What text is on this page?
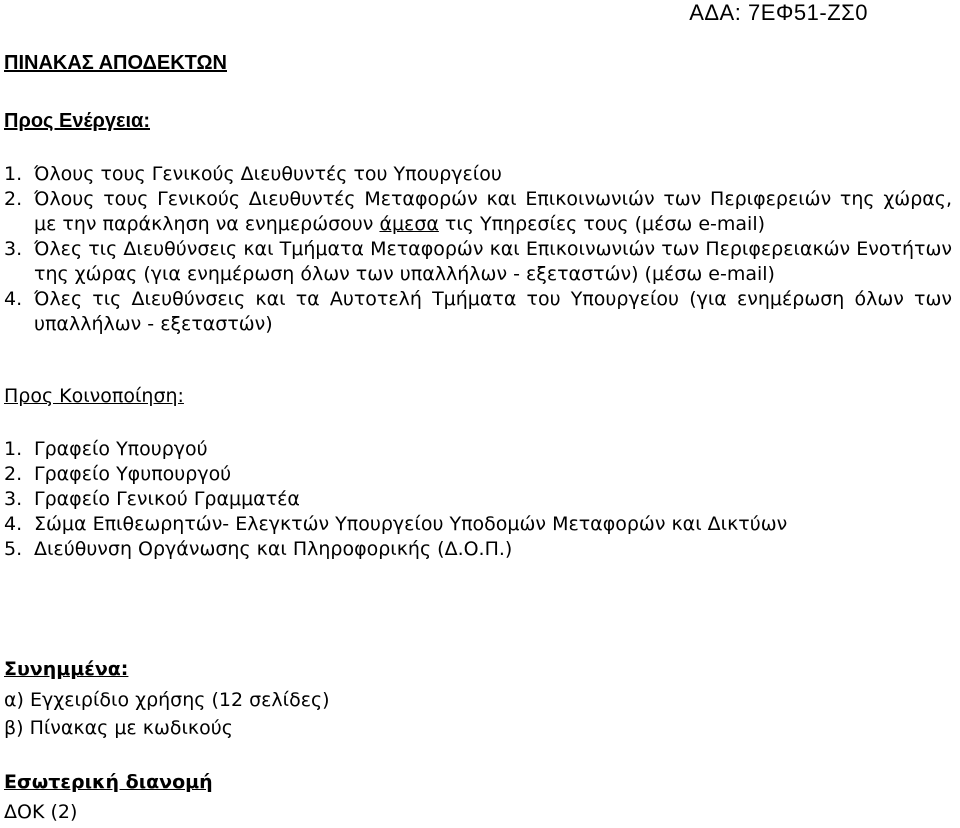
ΑΔΑ: 7ΕΦ51-ΖΣ0
ΠΙΝΑΚΑΣ ΑΠΟΔΕΚΤΩΝ
Προς Ενέργεια:
1. Όλους τους Γενικούς Διευθυντές του Υπουργείου
2. Όλους τους Γενικούς Διευθυντές Μεταφορών και Επικοινωνιών των Περιφερειών της χώρας, με την παράκληση να ενημερώσουν άμεσα τις Υπηρεσίες τους (μέσω e-mail)
3. Όλες τις Διευθύνσεις και Τμήματα Μεταφορών και Επικοινωνιών των Περιφερειακών Ενοτήτων της χώρας (για ενημέρωση όλων των υπαλλήλων - εξεταστών) (μέσω e-mail)
4. Όλες τις Διευθύνσεις και τα Αυτοτελή Τμήματα του Υπουργείου (για ενημέρωση όλων των υπαλλήλων - εξεταστών)
Προς Κοινοποίηση:
1. Γραφείο Υπουργού
2. Γραφείο Υφυπουργού
3. Γραφείο Γενικού Γραμματέα
4. Σώμα Επιθεωρητών- Ελεγκτών Υπουργείου Υποδομών Μεταφορών και Δικτύων
5. Διεύθυνση Οργάνωσης και Πληροφορικής (Δ.Ο.Π.)
Συνημμένα:
α) Εγχειρίδιο χρήσης (12 σελίδες)
β) Πίνακας με κωδικούς
Εσωτερική διανομή
ΔΟΚ (2)
